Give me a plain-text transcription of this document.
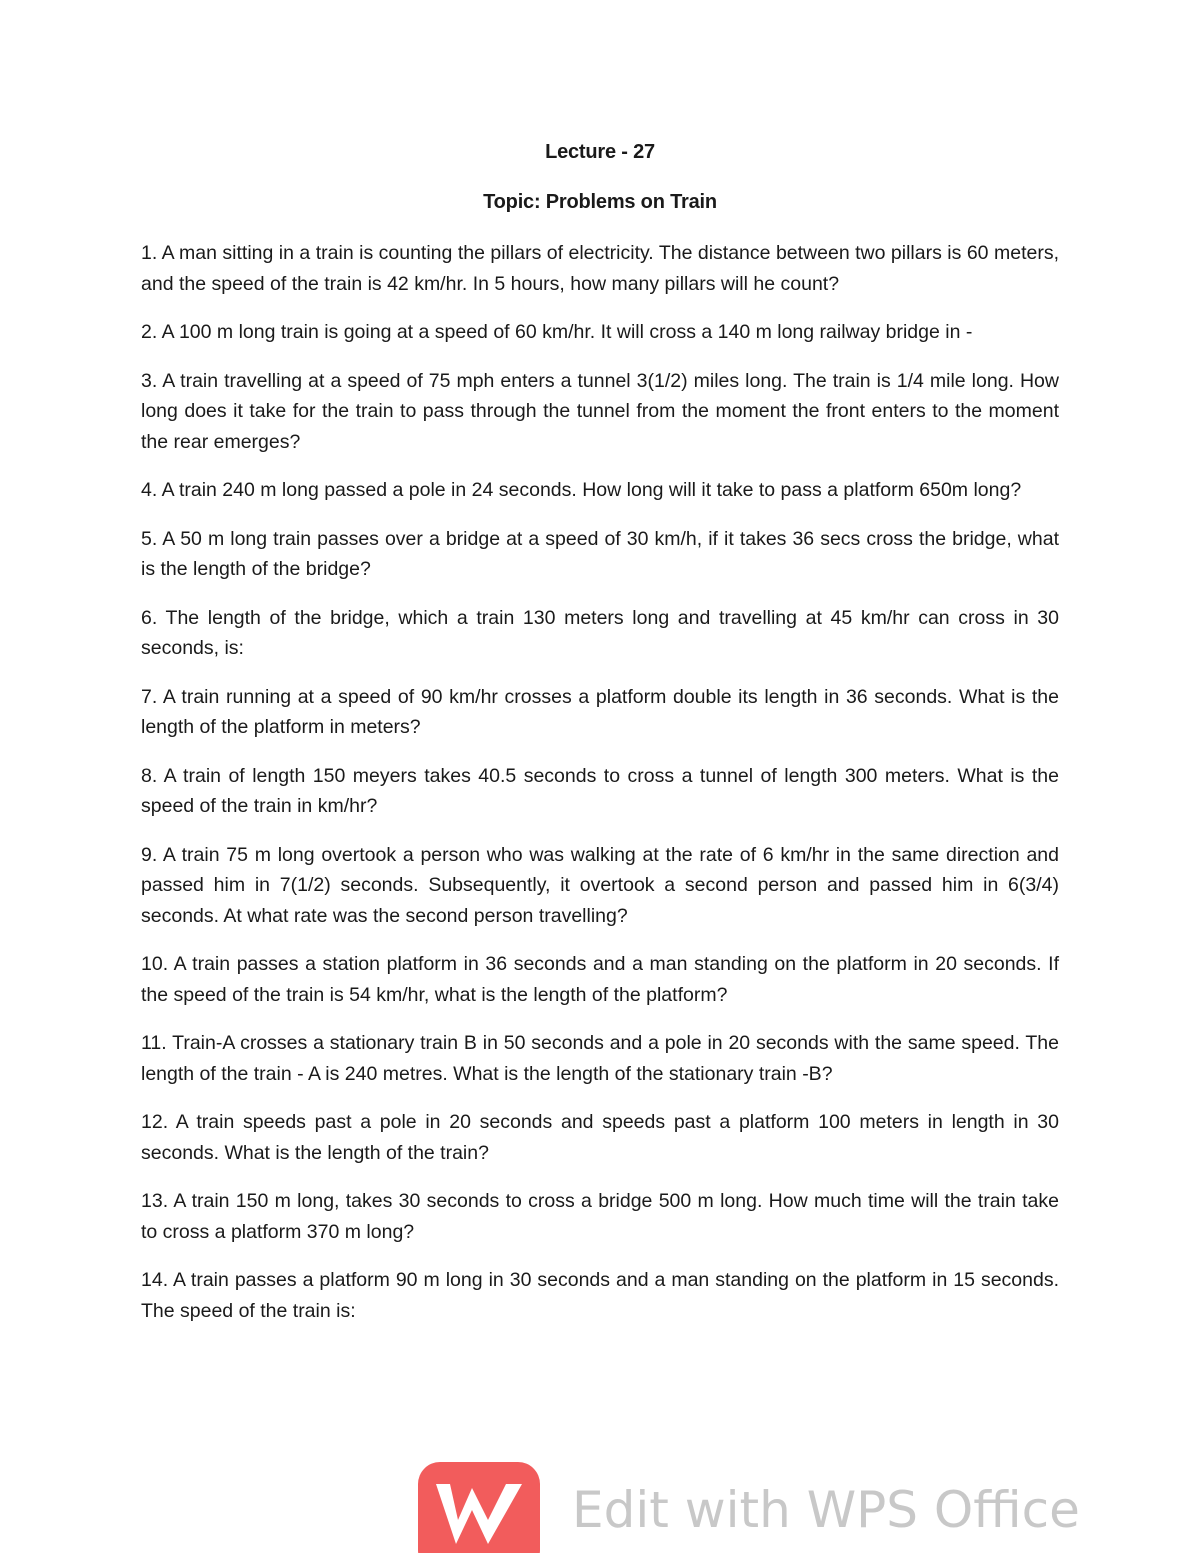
Lecture - 27
Topic: Problems on Train

1. A man sitting in a train is counting the pillars of electricity. The distance between two pillars is 60 meters, and the speed of the train is 42 km/hr. In 5 hours, how many pillars will he count?

2. A 100 m long train is going at a speed of 60 km/hr. It will cross a 140 m long railway bridge in -

3. A train travelling at a speed of 75 mph enters a tunnel 3(1/2) miles long. The train is 1/4 mile long. How long does it take for the train to pass through the tunnel from the moment the front enters to the moment the rear emerges?

4. A train 240 m long passed a pole in 24 seconds. How long will it take to pass a platform 650m long?

5. A 50 m long train passes over a bridge at a speed of 30 km/h, if it takes 36 secs cross the bridge, what is the length of the bridge?

6. The length of the bridge, which a train 130 meters long and travelling at 45 km/hr can cross in 30 seconds, is:

7. A train running at a speed of 90 km/hr crosses a platform double its length in 36 seconds. What is the length of the platform in meters?

8. A train of length 150 meyers takes 40.5 seconds to cross a tunnel of length 300 meters. What is the speed of the train in km/hr?

9. A train 75 m long overtook a person who was walking at the rate of 6 km/hr in the same direction and passed him in 7(1/2) seconds. Subsequently, it overtook a second person and passed him in 6(3/4) seconds. At what rate was the second person travelling?

10. A train passes a station platform in 36 seconds and a man standing on the platform in 20 seconds. If the speed of the train is 54 km/hr, what is the length of the platform?

11. Train-A crosses a stationary train B in 50 seconds and a pole in 20 seconds with the same speed. The length of the train - A is 240 metres. What is the length of the stationary train -B?

12. A train speeds past a pole in 20 seconds and speeds past a platform 100 meters in length in 30 seconds. What is the length of the train?

13. A train 150 m long, takes 30 seconds to cross a bridge 500 m long. How much time will the train take to cross a platform 370 m long?

14. A train passes a platform 90 m long in 30 seconds and a man standing on the platform in 15 seconds. The speed of the train is:

Edit with WPS Office
